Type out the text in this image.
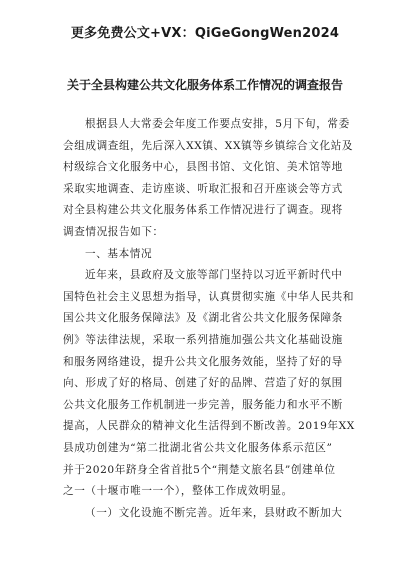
更多免费公文+VX：QiGeGongWen2024
关于全县构建公共文化服务体系工作情况的调查报告
根据县人大常委会年度工作要点安排，5月下旬，常委
会组成调查组，先后深入XX镇、XX镇等乡镇综合文化站及
村级综合文化服务中心，县图书馆、文化馆、美术馆等地
采取实地调查、走访座谈、听取汇报和召开座谈会等方式
对全县构建公共文化服务体系工作情况进行了调查。现将
调查情况报告如下：
一、基本情况
近年来，县政府及文旅等部门坚持以习近平新时代中
国特色社会主义思想为指导，认真贯彻实施《中华人民共和
国公共文化服务保障法》及《湖北省公共文化服务保障条
例》等法律法规，采取一系列措施加强公共文化基础设施
和服务网络建设，提升公共文化服务效能，坚持了好的导
向、形成了好的格局、创建了好的品牌、营造了好的氛围
公共文化服务工作机制进一步完善，服务能力和水平不断
提高，人民群众的精神文化生活得到不断改善。2019年XX
县成功创建为“第二批湖北省公共文化服务体系示范区”
并于2020年跻身全省首批5个“荆楚文旅名县”创建单位
之一（十堰市唯一一个），整体工作成效明显。
（一）文化设施不断完善。近年来，县财政不断加大
